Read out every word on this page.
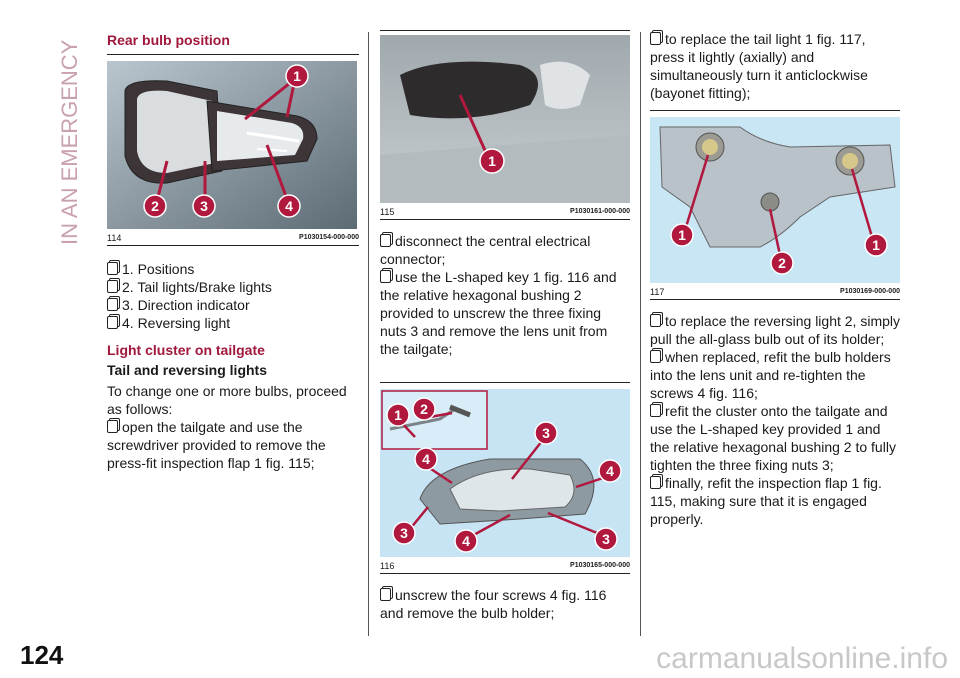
IN AN EMERGENCY Rear bulb position
1
2	3	4
114	P1030154-000-000

1. Positions

2. Tail lights/Brake lights

3. Direction indicator

4. Reversing light

Light cluster on tailgate
Tail and reversing lights

To change one or more bulbs, proceed as follows:

open the tailgate and use the screwdriver provided to remove the press-fit inspection flap 1 fig. 115;

1
115	P1030161-000-000

disconnect the central electrical connector;

use the L-shaped key 1 fig. 116 and the relative hexagonal bushing 2 provided to unscrew the three fixing nuts 3 and remove the lens unit from the tailgate;

1 2
3
4
4
3	4	3
116	P1030165-000-000

unscrew the four screws 4 fig. 116 and remove the bulb holder;

to replace the tail light 1 fig. 117, press it lightly (axially) and simultaneously turn it anticlockwise (bayonet fitting);

1
2
1
117	P1030169-000-000

to replace the reversing light 2, simply pull the all-glass bulb out of its holder;

when replaced, refit the bulb holders into the lens unit and re-tighten the screws 4 fig. 116;

refit the cluster onto the tailgate and use the L-shaped key provided 1 and the relative hexagonal bushing 2 to fully tighten the three fixing nuts 3;

finally, refit the inspection flap 1 fig. 115, making sure that it is engaged properly.

124	carmanualsonline.info
